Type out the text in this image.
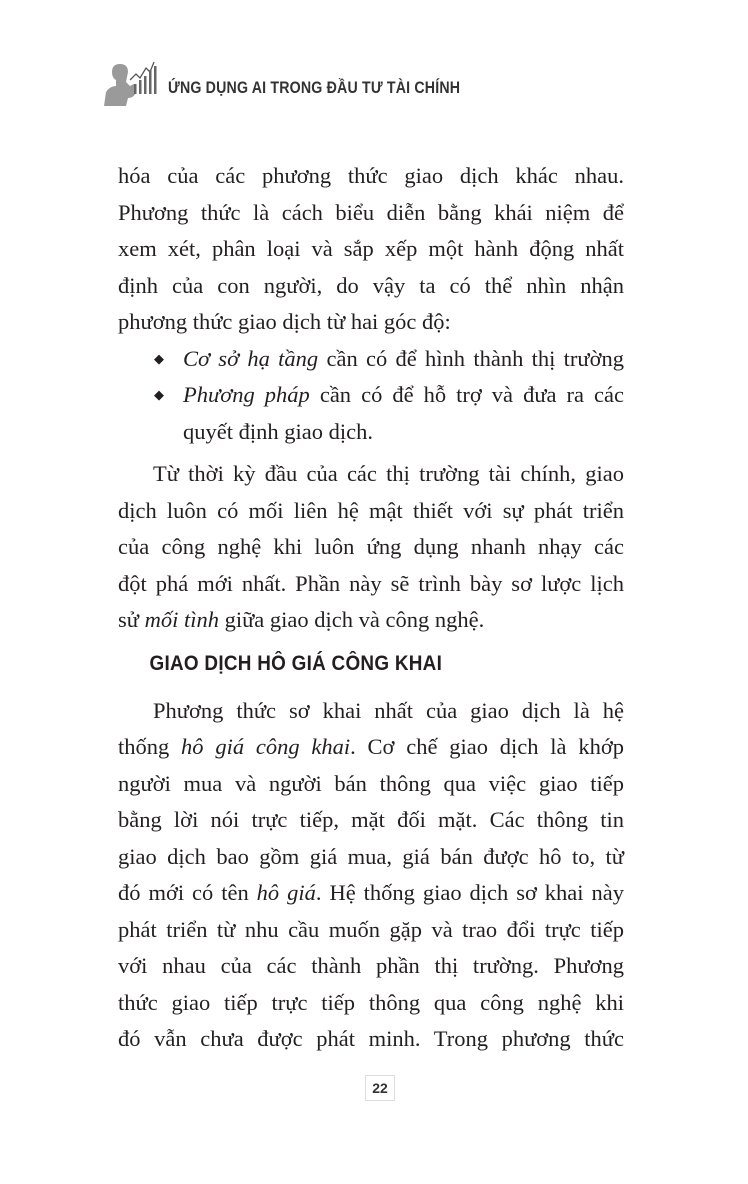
ỨNG DỤNG AI TRONG ĐẦU TƯ TÀI CHÍNH
hóa của các phương thức giao dịch khác nhau.
Phương thức là cách biểu diễn bằng khái niệm để
xem xét, phân loại và sắp xếp một hành động nhất
định của con người, do vậy ta có thể nhìn nhận
phương thức giao dịch từ hai góc độ:
◆ Cơ sở hạ tầng cần có để hình thành thị trường
◆ Phương pháp cần có để hỗ trợ và đưa ra các
quyết định giao dịch.
Từ thời kỳ đầu của các thị trường tài chính, giao
dịch luôn có mối liên hệ mật thiết với sự phát triển
của công nghệ khi luôn ứng dụng nhanh nhạy các
đột phá mới nhất. Phần này sẽ trình bày sơ lược lịch
sử mối tình giữa giao dịch và công nghệ.
GIAO DỊCH HÔ GIÁ CÔNG KHAI
Phương thức sơ khai nhất của giao dịch là hệ
thống hô giá công khai. Cơ chế giao dịch là khớp
người mua và người bán thông qua việc giao tiếp
bằng lời nói trực tiếp, mặt đối mặt. Các thông tin
giao dịch bao gồm giá mua, giá bán được hô to, từ
đó mới có tên hô giá. Hệ thống giao dịch sơ khai này
phát triển từ nhu cầu muốn gặp và trao đổi trực tiếp
với nhau của các thành phần thị trường. Phương
thức giao tiếp trực tiếp thông qua công nghệ khi
đó vẫn chưa được phát minh. Trong phương thức
22
